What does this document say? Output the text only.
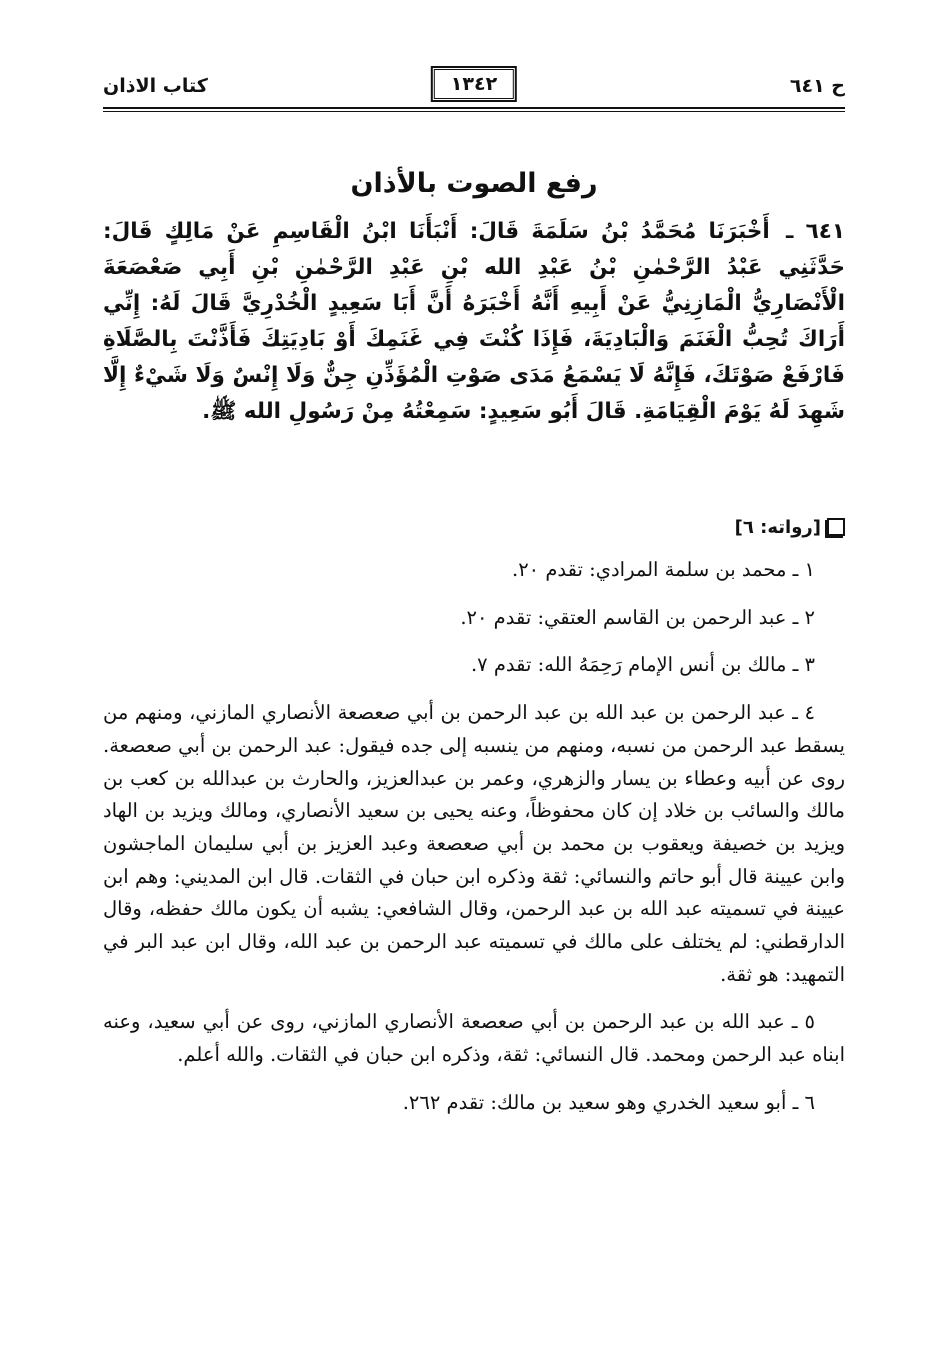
ح ٦٤١
كتاب الاذان	١٣٤٢
رفع الصوت بالأذان
٦٤١ ـ أَخْبَرَنَا مُحَمَّدُ بْنُ سَلَمَةَ قَالَ: أَنْبَأَنَا ابْنُ الْقَاسِمِ عَنْ مَالِكٍ قَالَ: حَدَّثَنِي عَبْدُ الرَّحْمٰنِ بْنُ عَبْدِ الله بْنِ عَبْدِ الرَّحْمٰنِ بْنِ أَبِي صَعْصَعَةَ الْأَنْصَارِيُّ الْمَازِنِيُّ عَنْ أَبِيهِ أَنَّهُ أَخْبَرَهُ أَنَّ أَبَا سَعِيدٍ الْخُدْرِيَّ قَالَ لَهُ: إِنِّي أَرَاكَ تُحِبُّ الْغَنَمَ وَالْبَادِيَةَ، فَإِذَا كُنْتَ فِي غَنَمِكَ أَوْ بَادِيَتِكَ فَأَذَّنْتَ بِالصَّلَاةِ فَارْفَعْ صَوْتَكَ، فَإِنَّهُ لَا يَسْمَعُ مَدَى صَوْتِ الْمُؤَذِّنِ جِنٌّ وَلَا إِنْسٌ وَلَا شَيْءٌ إِلَّا شَهِدَ لَهُ يَوْمَ الْقِيَامَةِ. قَالَ أَبُو سَعِيدٍ: سَمِعْتُهُ مِنْ رَسُولِ الله ﷺ.
[رواته: ٦]
١ ـ محمد بن سلمة المرادي: تقدم ٢٠.
٢ ـ عبد الرحمن بن القاسم العتقي: تقدم ٢٠.
٣ ـ مالك بن أنس الإمام رَحِمَهُ الله: تقدم ٧.
٤ ـ عبد الرحمن بن عبد الله بن عبد الرحمن بن أبي صعصعة الأنصاري المازني، ومنهم من يسقط عبد الرحمن من نسبه، ومنهم من ينسبه إلى جده فيقول: عبد الرحمن بن أبي صعصعة. روى عن أبيه وعطاء بن يسار والزهري، وعمر بن عبدالعزيز، والحارث بن عبدالله بن كعب بن مالك والسائب بن خلاد إن كان محفوظاً، وعنه يحيى بن سعيد الأنصاري، ومالك ويزيد بن الهاد ويزيد بن خصيفة ويعقوب بن محمد بن أبي صعصعة وعبد العزيز بن أبي سليمان الماجشون وابن عيينة قال أبو حاتم والنسائي: ثقة وذكره ابن حبان في الثقات. قال ابن المديني: وهم ابن عيينة في تسميته عبد الله بن عبد الرحمن، وقال الشافعي: يشبه أن يكون مالك حفظه، وقال الدارقطني: لم يختلف على مالك في تسميته عبد الرحمن بن عبد الله، وقال ابن عبد البر في التمهيد: هو ثقة.
٥ ـ عبد الله بن عبد الرحمن بن أبي صعصعة الأنصاري المازني، روى عن أبي سعيد، وعنه ابناه عبد الرحمن ومحمد. قال النسائي: ثقة، وذكره ابن حبان في الثقات. والله أعلم.
٦ ـ أبو سعيد الخدري وهو سعيد بن مالك: تقدم ٢٦٢.
